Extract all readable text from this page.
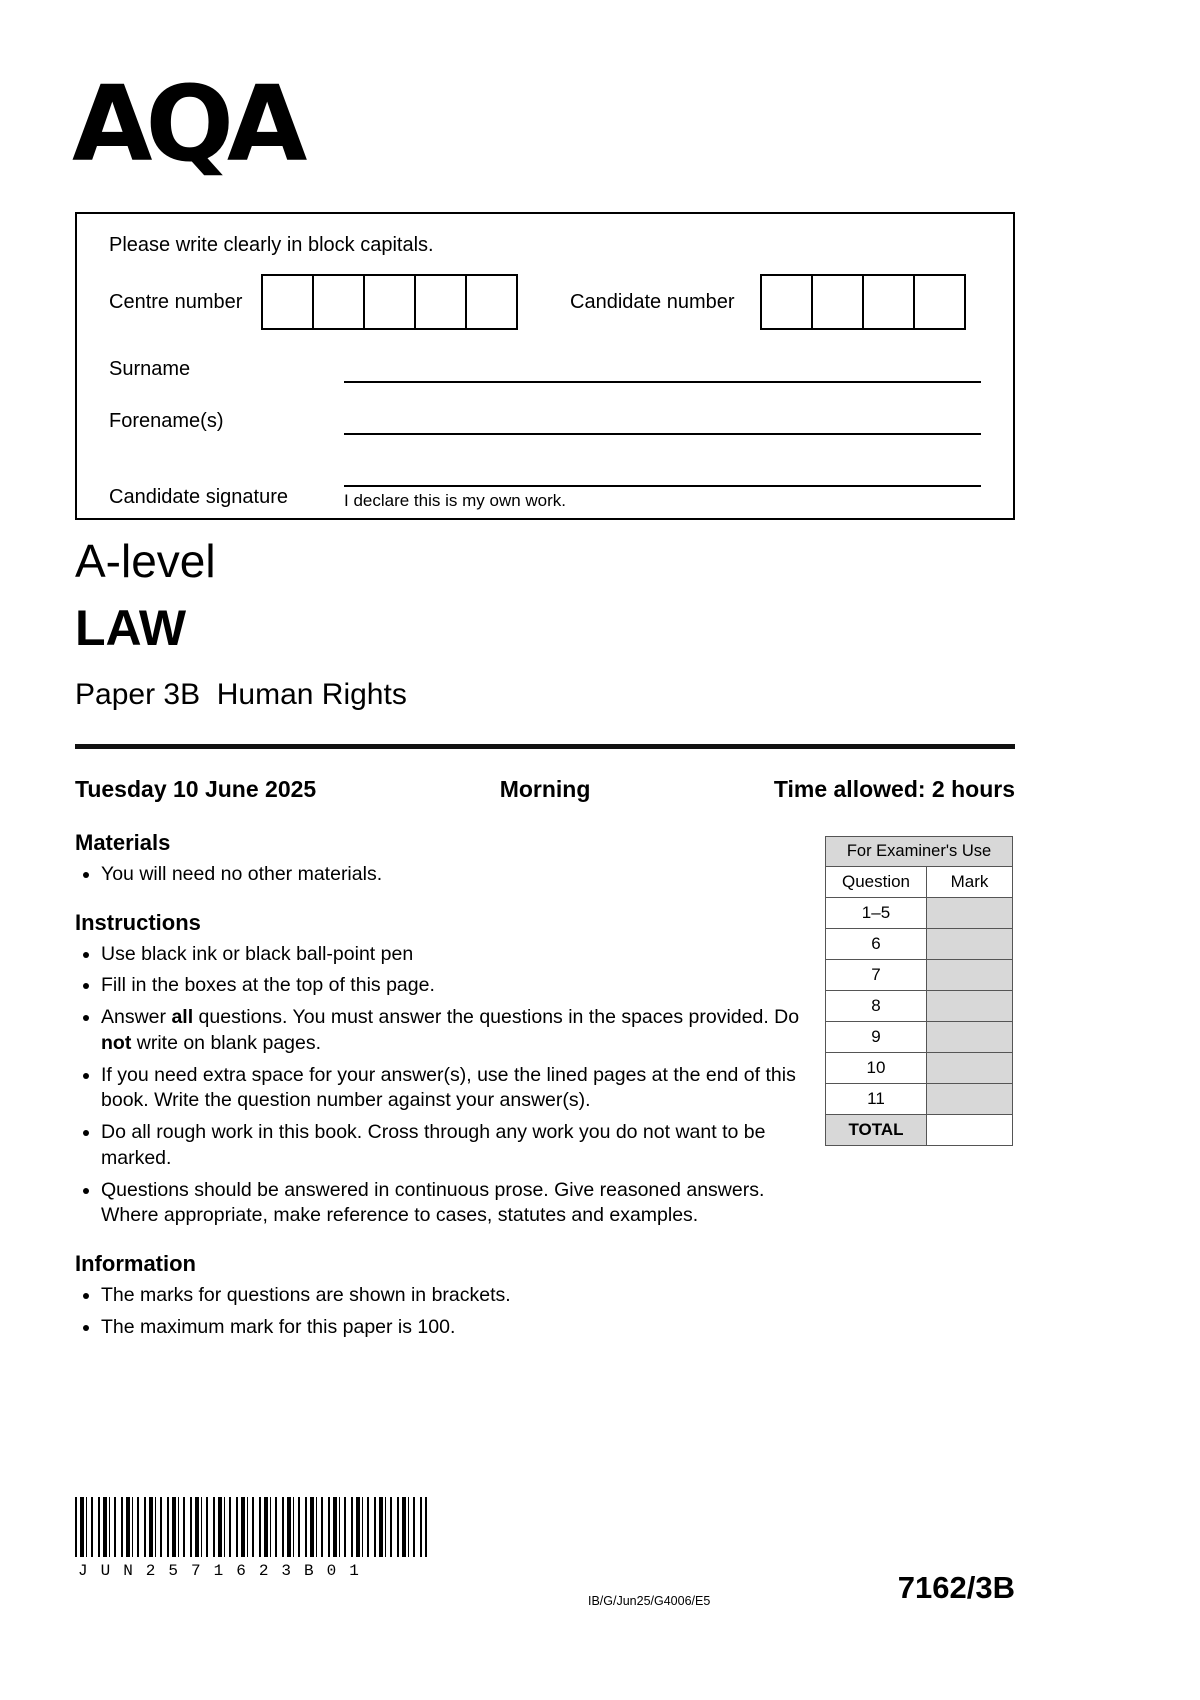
AQA

Please write clearly in block capitals.

Centre number	Candidate number
Surname
Forename(s)
Candidate signature	I declare this is my own work.
A-level
LAW

Paper 3B  Human Rights

Tuesday 10 June 2025	Morning	Time allowed: 2 hours
Materials
• You will need no other materials.
Instructions
• Use black ink or black ball-point pen
• Fill in the boxes at the top of this page.
• Answer all questions. You must answer the questions in the spaces provided. Do not write on blank pages.
• If you need extra space for your answer(s), use the lined pages at the end of this book. Write the question number against your answer(s).
• Do all rough work in this book. Cross through any work you do not want to be marked.
• Questions should be answered in continuous prose. Give reasoned answers. Where appropriate, make reference to cases, statutes and examples.
Information
• The marks for questions are shown in brackets.
• The maximum mark for this paper is 100.
For Examiner's Use	
Question	Mark
1–5	
6	
7	
8	
9	
10	
11	
TOTAL	
JUN2571623B01
IB/G/Jun25/G4006/E5	7162/3B
